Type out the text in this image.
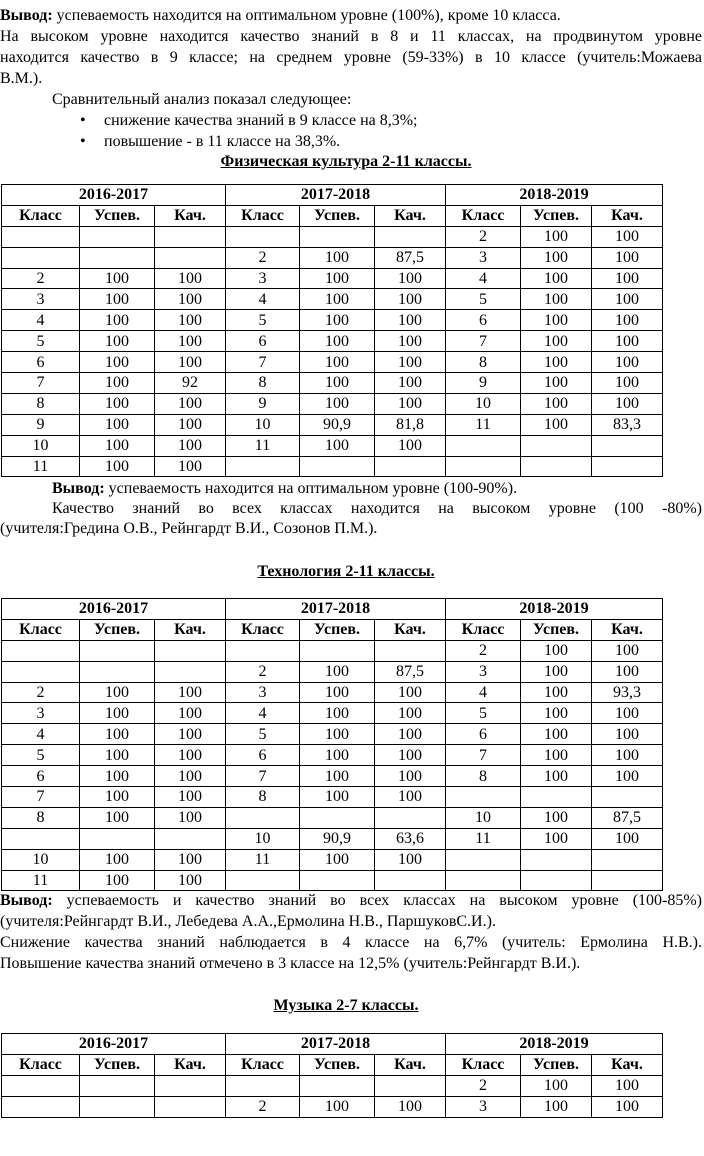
Вывод: успеваемость находится на оптимальном уровне (100%), кроме 10 класса.
На высоком уровне находится качество знаний в 8 и 11 классах, на продвинутом уровне
находится качество в 9 классе; на среднем уровне (59-33%) в 10 классе (учитель:Можаева
В.М.).
Сравнительный анализ показал следующее:
• снижение качества знаний в 9 классе на 8,3%;
• повышение - в 11 классе на 38,3%.
Физическая культура 2-11 классы.
2016-2017			2017-2018			2018-2019		
Класс	Успев.	Кач.	Класс	Успев.	Кач.	Класс	Успев.	Кач.
						2	100	100
			2	100	87,5	3	100	100
2	100	100	3	100	100	4	100	100
3	100	100	4	100	100	5	100	100
4	100	100	5	100	100	6	100	100
5	100	100	6	100	100	7	100	100
6	100	100	7	100	100	8	100	100
7	100	92	8	100	100	9	100	100
8	100	100	9	100	100	10	100	100
9	100	100	10	90,9	81,8	11	100	83,3
10	100	100	11	100	100			
11	100	100						
Вывод: успеваемость находится на оптимальном уровне (100-90%).
Качество знаний во всех классах находится на высоком уровне (100 -80%)
(учителя:Гредина О.В., Рейнгардт В.И., Созонов П.М.).
Технология 2-11 классы.
2016-2017			2017-2018			2018-2019		
Класс	Успев.	Кач.	Класс	Успев.	Кач.	Класс	Успев.	Кач.
						2	100	100
			2	100	87,5	3	100	100
2	100	100	3	100	100	4	100	93,3
3	100	100	4	100	100	5	100	100
4	100	100	5	100	100	6	100	100
5	100	100	6	100	100	7	100	100
6	100	100	7	100	100	8	100	100
7	100	100	8	100	100			
8	100	100				10	100	87,5
			10	90,9	63,6	11	100	100
10	100	100	11	100	100			
11	100	100						
Вывод: успеваемость и качество знаний во всех классах на высоком уровне (100-85%)
(учителя:Рейнгардт В.И., Лебедева А.А.,Ермолина Н.В., ПаршуковС.И.).
Снижение качества знаний наблюдается в 4 классе на 6,7% (учитель: Ермолина Н.В.).
Повышение качества знаний отмечено в 3 классе на 12,5% (учитель:Рейнгардт В.И.).
Музыка 2-7 классы.
2016-2017			2017-2018			2018-2019		
Класс	Успев.	Кач.	Класс	Успев.	Кач.	Класс	Успев.	Кач.
						2	100	100
			2	100	100	3	100	100
